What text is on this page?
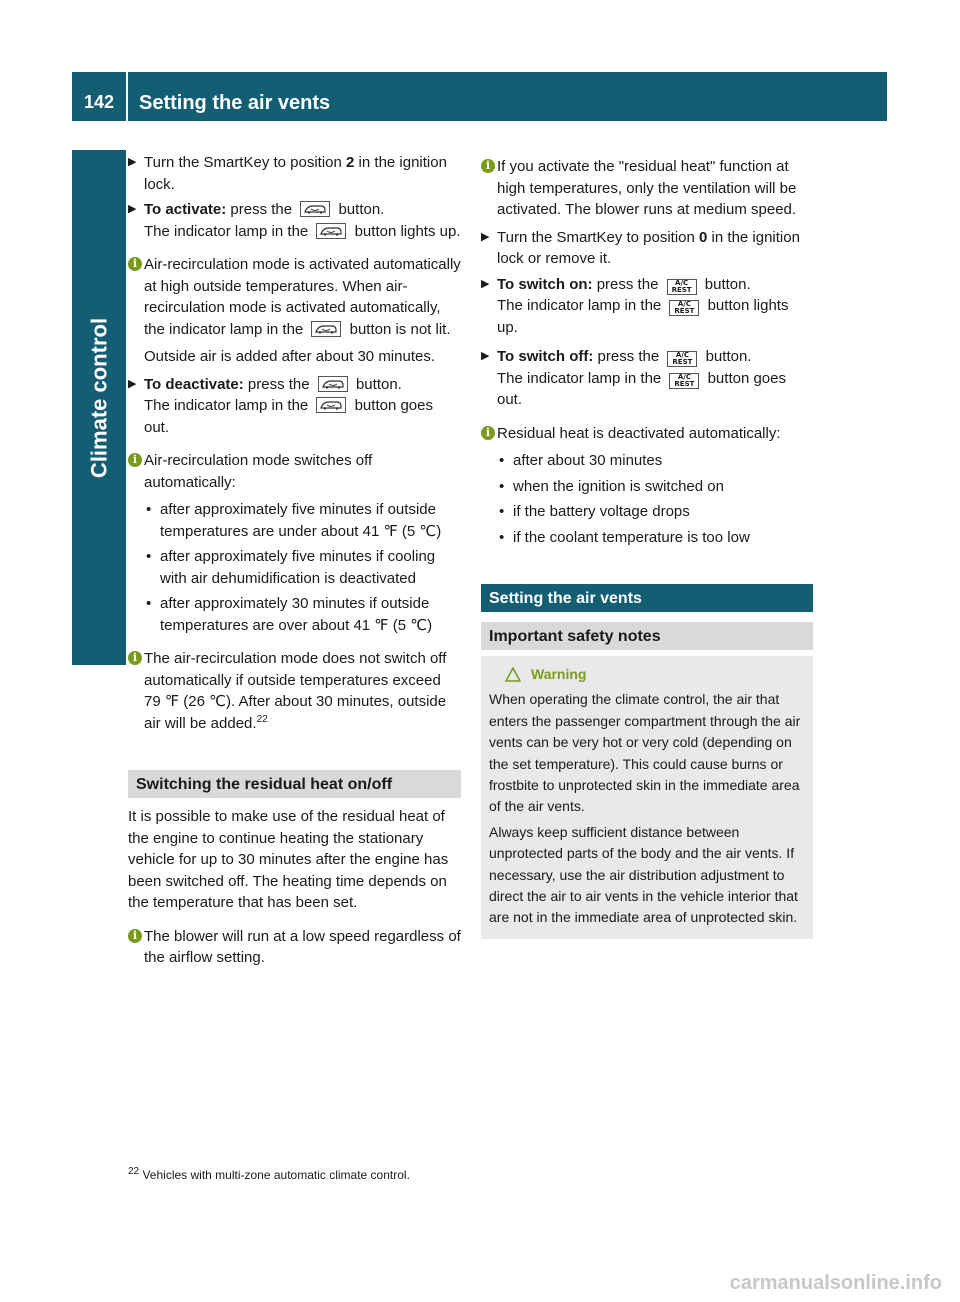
142	Setting the air vents
Climate control
▶ Turn the SmartKey to position 2 in the ignition lock.
▶ To activate: press the	button.
The indicator lamp in the	button lights up.
i Air-recirculation mode is activated automatically at high outside temperatures. When air-recirculation mode is activated automatically, the indicator lamp in the	button is not lit.

Outside air is added after about 30 minutes.

▶ To deactivate: press the	button.
The indicator lamp in the	button goes out.
i Air-recirculation mode switches off automatically:

• after approximately five minutes if outside temperatures are under about 41 ℉ (5 ℃)
• after approximately five minutes if cooling with air dehumidification is deactivated
• after approximately 30 minutes if outside temperatures are over about 41 ℉ (5 ℃)
i The air-recirculation mode does not switch off automatically if outside temperatures exceed 79 ℉ (26 ℃). After about 30 minutes, outside air will be added.$^{22}$

Switching the residual heat on/off

It is possible to make use of the residual heat of the engine to continue heating the stationary vehicle for up to 30 minutes after the engine has been switched off. The heating time depends on the temperature that has been set.

i The blower will run at a low speed regardless of the airflow setting.

i If you activate the "residual heat" function at high temperatures, only the ventilation will be activated. The blower runs at medium speed.

▶ Turn the SmartKey to position 0 in the ignition lock or remove it.
▶ To switch on: press the	A/C
REST button.
The indicator lamp in the	A/C
REST button lights up.
▶ To switch off: press the	A/C
REST button.
The indicator lamp in the	A/C
REST button goes out.
i Residual heat is deactivated automatically:

• after about 30 minutes
• when the ignition is switched on
• if the battery voltage drops
• if the coolant temperature is too low
Setting the air vents
Important safety notes
Warning

When operating the climate control, the air that enters the passenger compartment through the air vents can be very hot or very cold (depending on the set temperature). This could cause burns or frostbite to unprotected skin in the immediate area of the air vents.

Always keep sufficient distance between unprotected parts of the body and the air vents. If necessary, use the air distribution adjustment to direct the air to air vents in the vehicle interior that are not in the immediate area of unprotected skin.

$^{22}$ Vehicles with multi-zone automatic climate control.
carmanualsonline.info
